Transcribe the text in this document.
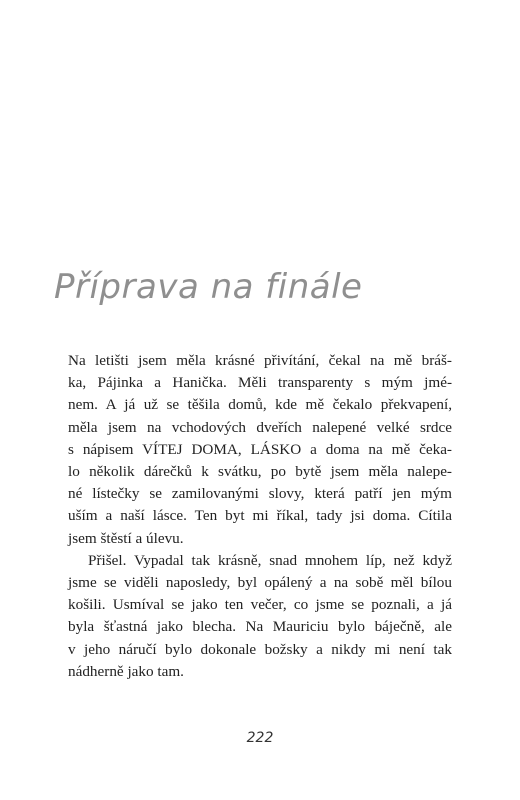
Příprava na finále
Na letišti jsem měla krásné přivítání, čekal na mě bráš-
ka, Pájinka a Hanička. Měli transparenty s mým jmé-
nem. A já už se těšila domů, kde mě čekalo překvapení,
měla jsem na vchodových dveřích nalepené velké srdce
s nápisem VÍTEJ DOMA, LÁSKO a doma na mě čeka-
lo několik dárečků k svátku, po bytě jsem měla nalepe-
né lístečky se zamilovanými slovy, která patří jen mým
uším a naší lásce. Ten byt mi říkal, tady jsi doma. Cítila
jsem štěstí a úlevu.
Přišel. Vypadal tak krásně, snad mnohem líp, než když
jsme se viděli naposledy, byl opálený a na sobě měl bílou
košili. Usmíval se jako ten večer, co jsme se poznali, a já
byla šťastná jako blecha. Na Mauriciu bylo báječně, ale
v jeho náručí bylo dokonale božsky a nikdy mi není tak
nádherně jako tam.
222
